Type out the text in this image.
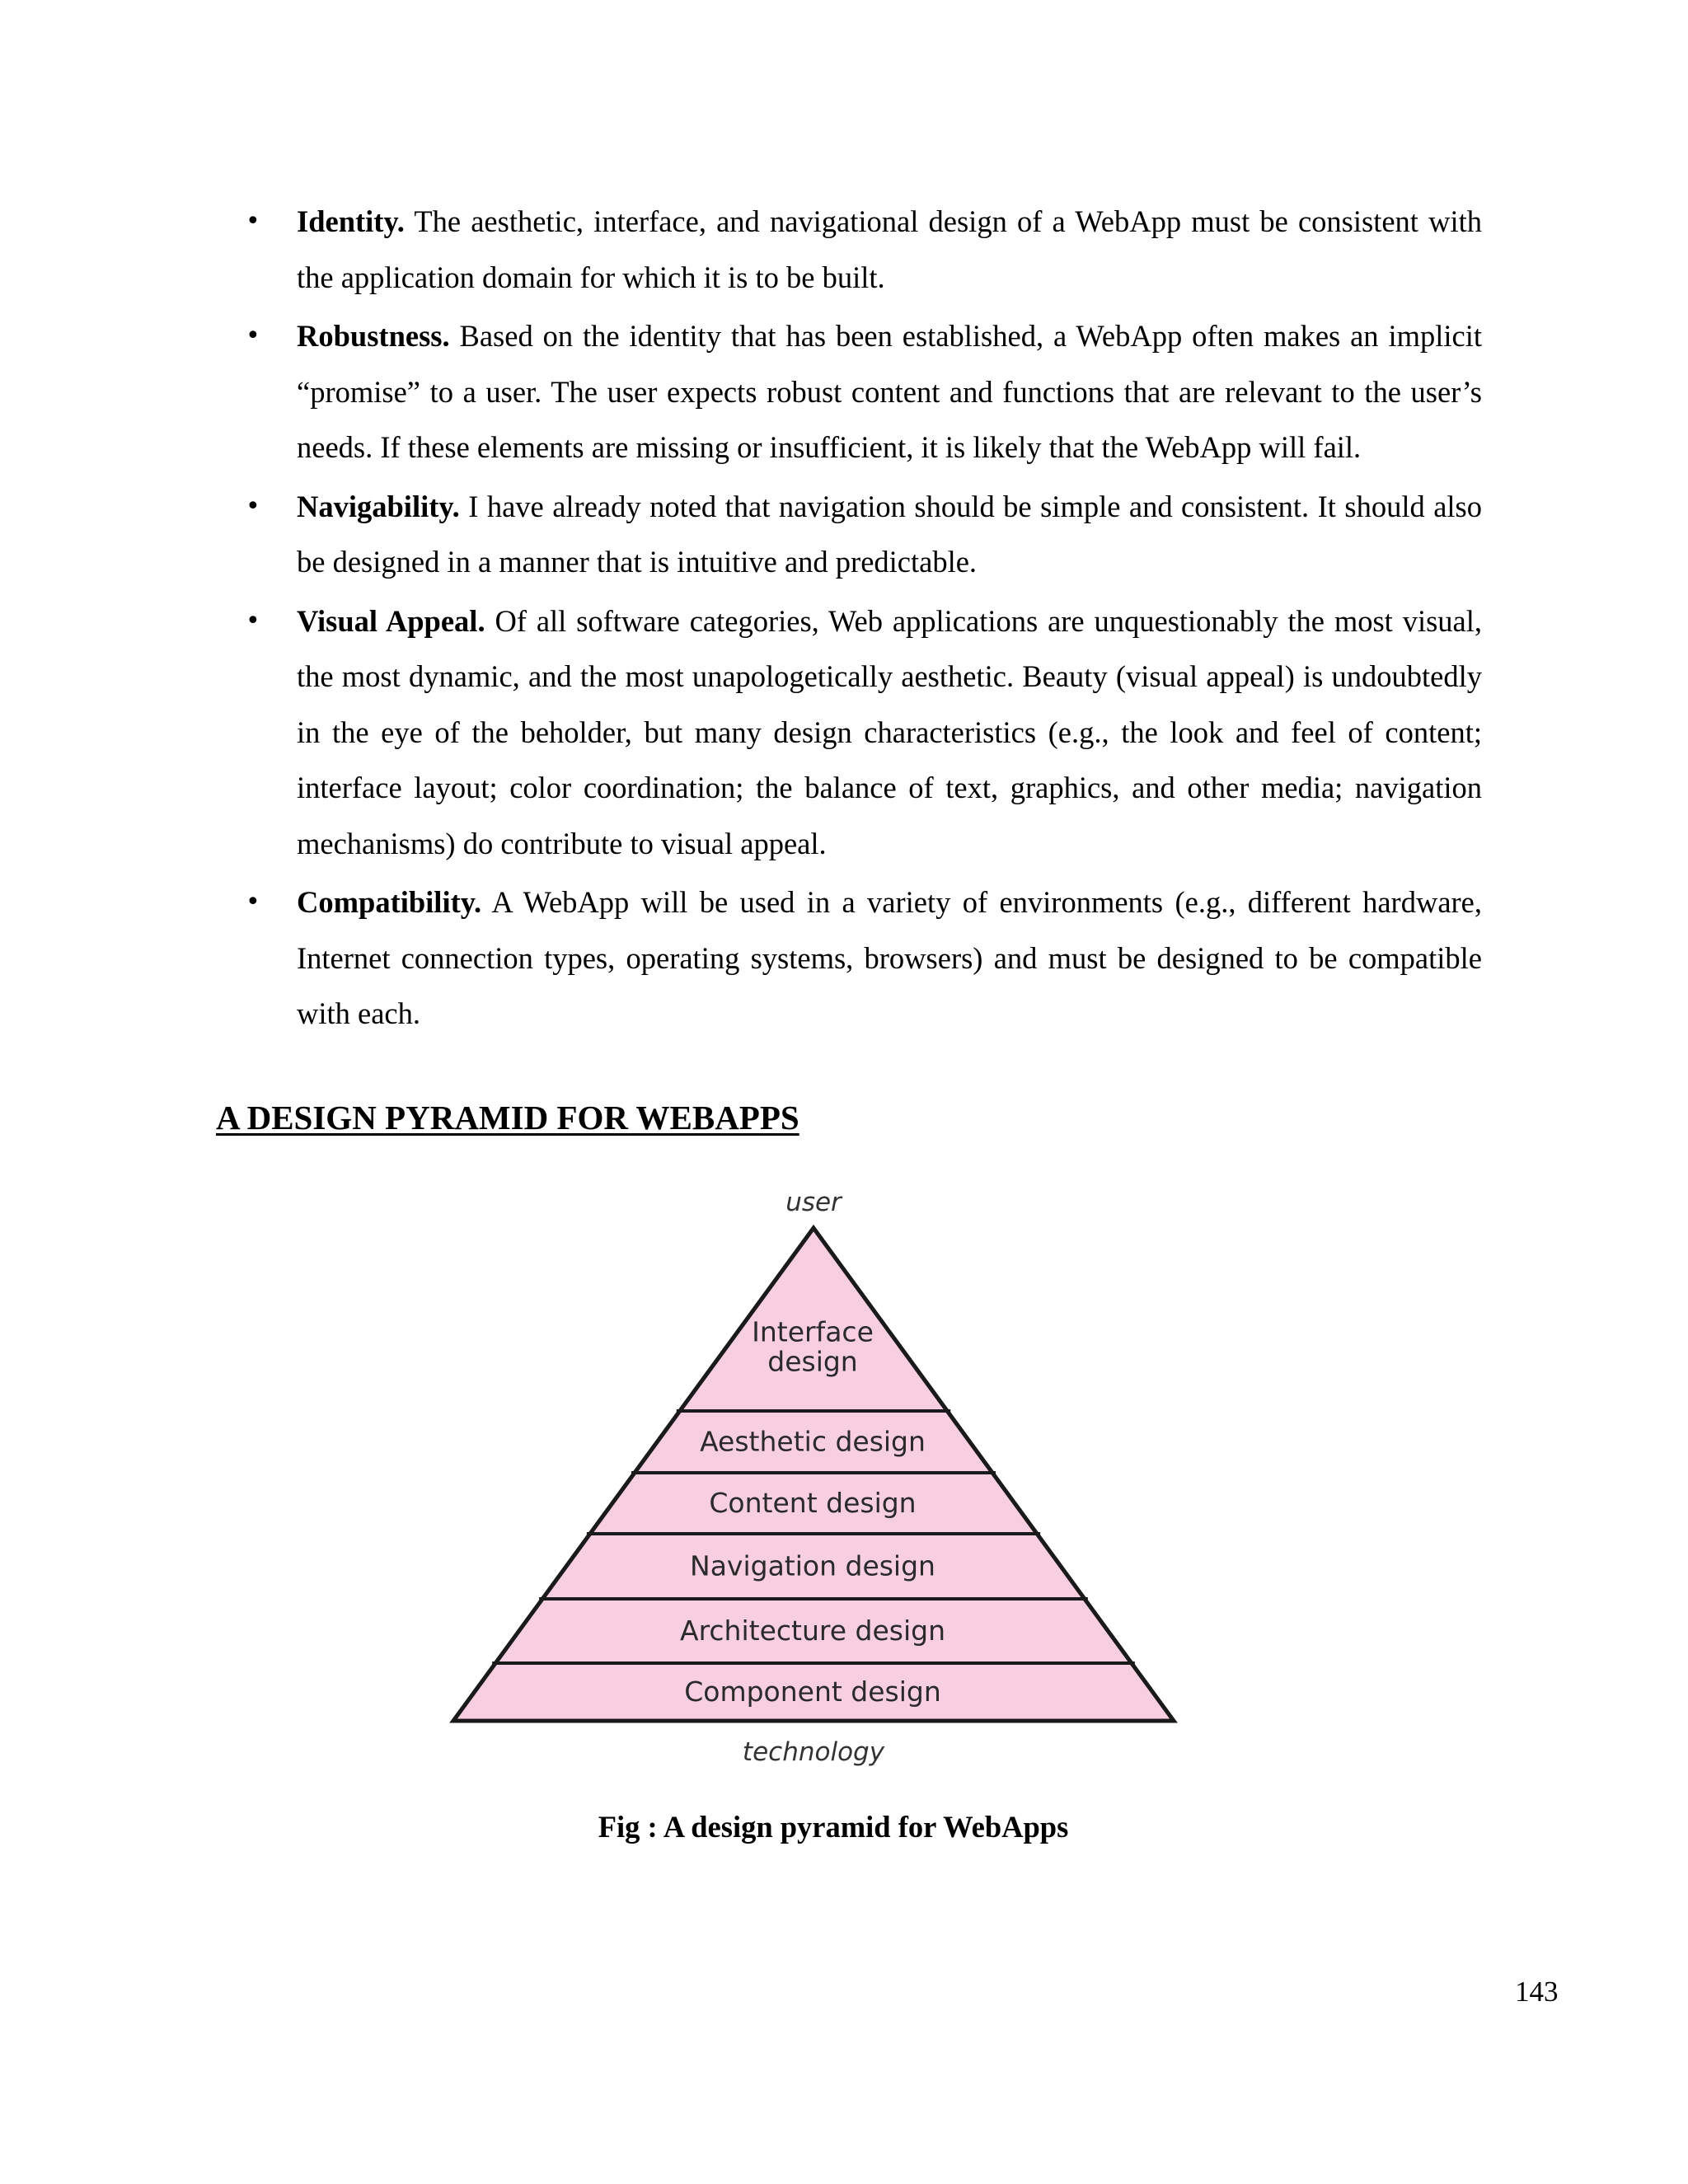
•	Identity. The aesthetic, interface, and navigational design of a WebApp must be consistent with the application domain for which it is to be built.
•	Robustness. Based on the identity that has been established, a WebApp often makes an implicit “promise” to a user. The user expects robust content and functions that are relevant to the user’s needs. If these elements are missing or insufficient, it is likely that the WebApp will fail.
•	Navigability. I have already noted that navigation should be simple and consistent. It should also be designed in a manner that is intuitive and predictable.
•	Visual Appeal. Of all software categories, Web applications are unquestionably the most visual, the most dynamic, and the most unapologetically aesthetic. Beauty (visual appeal) is undoubtedly in the eye of the beholder, but many design characteristics (e.g., the look and feel of content; interface layout; color coordination; the balance of text, graphics, and other media; navigation mechanisms) do contribute to visual appeal.
•	Compatibility. A WebApp will be used in a variety of environments (e.g., different hardware, Internet connection types, operating systems, browsers) and must be designed to be compatible with each.
A DESIGN PYRAMID FOR WEBAPPS
Interface
design
Aesthetic design
Content design
Navigation design
Architecture design
Component design
user
technology

Fig : A design pyramid for WebApps

143
